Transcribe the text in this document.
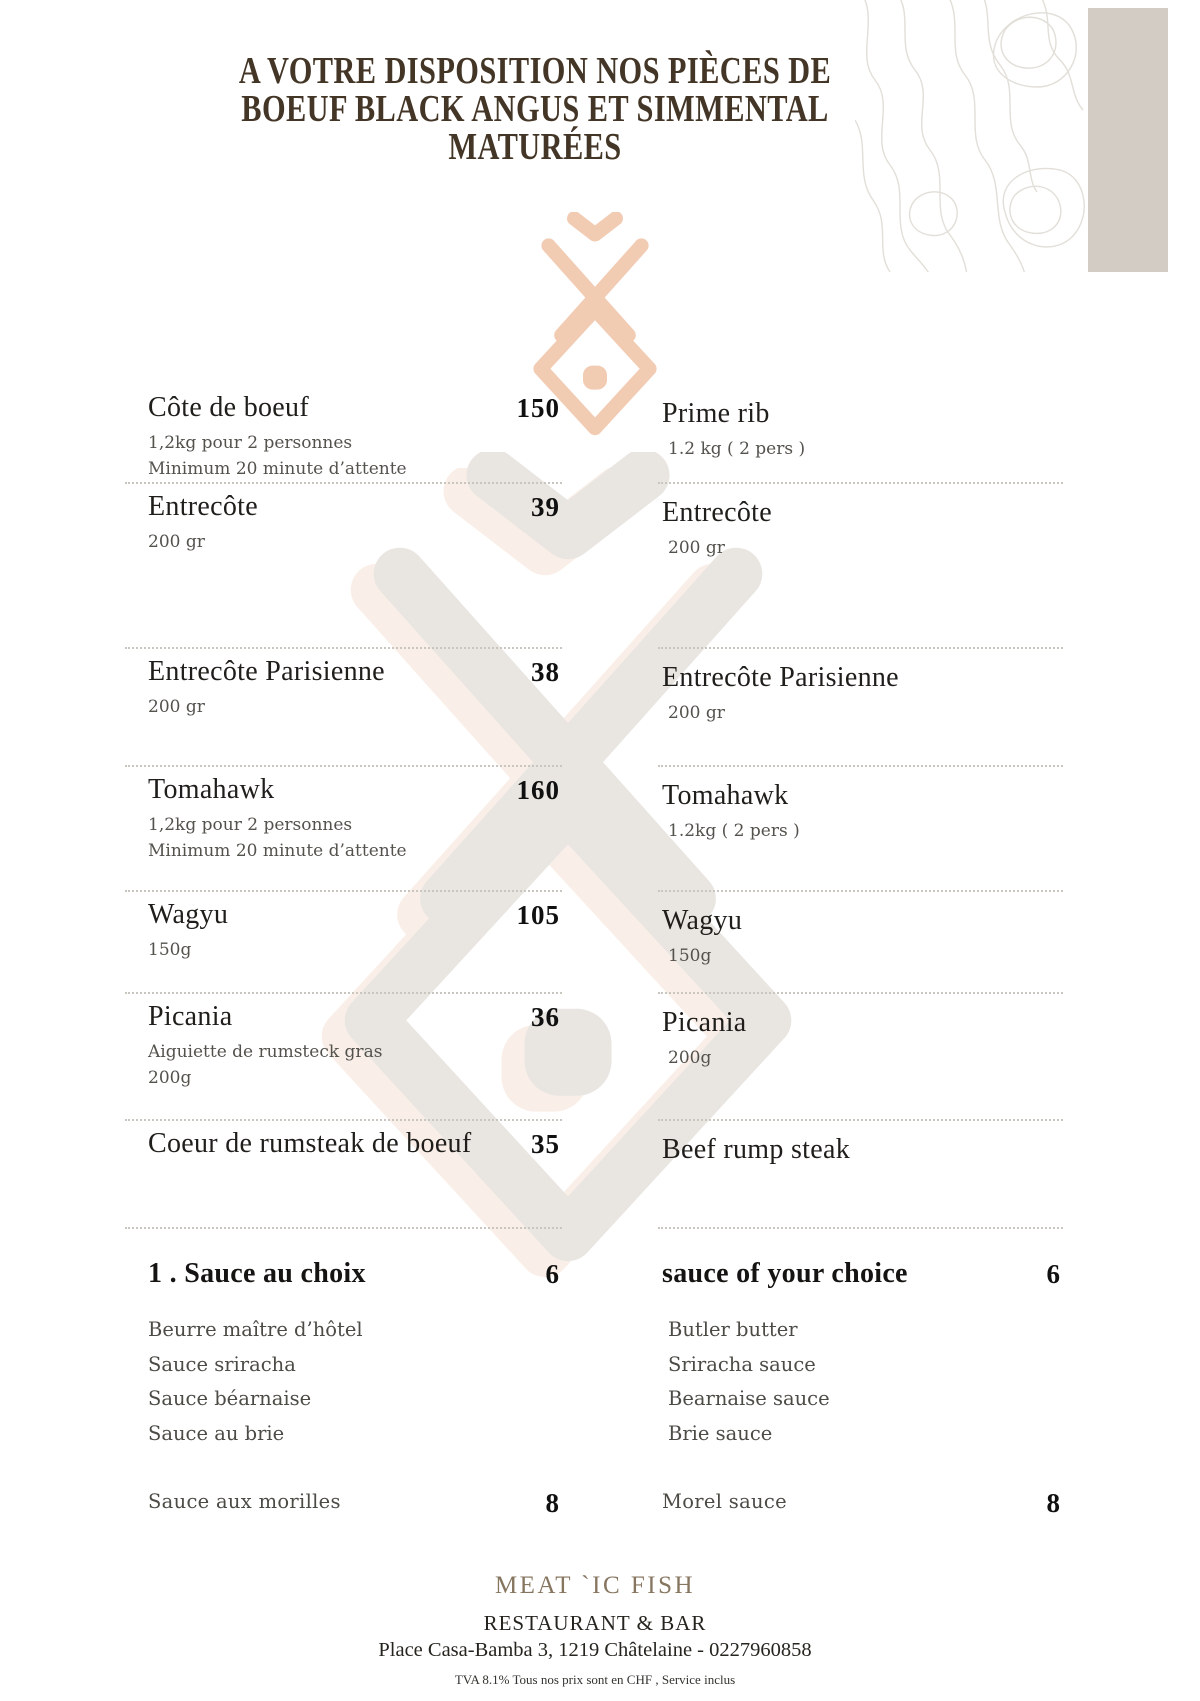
A VOTRE DISPOSITION NOS PIÈCES DE
BOEUF BLACK ANGUS ET SIMMENTAL
MATURÉES
Côte de boeuf	150
1,2kg pour 2 personnes
Minimum 20 minute d’attente
Prime rib
1.2 kg ( 2 pers )
Entrecôte	39
200 gr
Entrecôte
200 gr
Entrecôte Parisienne	38
200 gr
Entrecôte Parisienne
200 gr
Tomahawk	160
1,2kg pour 2 personnes
Minimum 20 minute d’attente
Tomahawk
1.2kg ( 2 pers )
Wagyu	105
150g
Wagyu
150g
Picania	36
Aiguiette de rumsteck gras
200g
Picania
200g
Coeur de rumsteak de boeuf 35	Beef rump steak
1 . Sauce au choix	6
Beurre maître d’hôtel
Sauce sriracha
Sauce béarnaise
Sauce au brie
sauce of your choice	6
Butler butter
Sriracha sauce
Bearnaise sauce
Brie sauce
Sauce aux morilles	8	Morel sauce	8
MEAT `IC FISH
RESTAURANT & BAR
Place Casa-Bamba 3, 1219 Châtelaine - 0227960858
TVA 8.1% Tous nos prix sont en CHF , Service inclus
